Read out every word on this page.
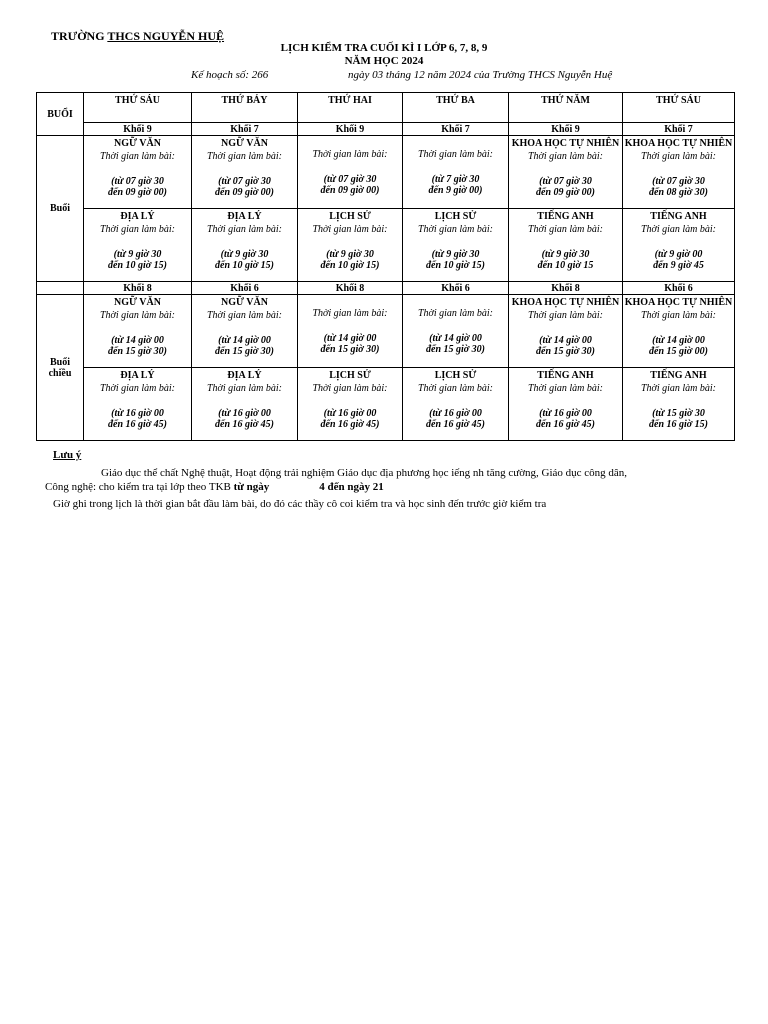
TRƯỜNG THCS NGUYỄN HUỆ
LỊCH KIỂM TRA CUỐI KÌ I LỚP 6, 7, 8, 9
NĂM HỌC 2024
Kế hoạch số: 266	ngày 03 tháng 12 năm 2024 của Trường THCS Nguyễn Huệ
BUỔI	THỨ SÁU	THỨ BẢY	THỨ HAI	THỨ BA	THỨ NĂM	THỨ SÁU
	Khối 9	Khối 7	Khối 9	Khối 7	Khối 9	Khối 7
Buổi	NGỮ VĂN
Thời gian làm bài:
(từ 07 giờ 30
đến 09 giờ 00)	NGỮ VĂN
Thời gian làm bài:
(từ 07 giờ 30
đến 09 giờ 00)	Thời gian làm bài:
(từ 07 giờ 30
đến 09 giờ 00)	Thời gian làm bài:
(từ 7 giờ 30
đến 9 giờ 00)	KHOA HỌC TỰ NHIÊN
Thời gian làm bài:
(từ 07 giờ 30
đến 09 giờ 00)	KHOA HỌC TỰ NHIÊN
Thời gian làm bài:
(từ 07 giờ 30
đến 08 giờ 30)

	ĐỊA LÝ
Thời gian làm bài:
(từ 9 giờ 30
đến 10 giờ 15)	ĐỊA LÝ
Thời gian làm bài:
(từ 9 giờ 30
đến 10 giờ 15)	LỊCH SỬ
Thời gian làm bài:
(từ 9 giờ 30
đến 10 giờ 15)	LỊCH SỬ
Thời gian làm bài:
(từ 9 giờ 30
đến 10 giờ 15)	TIẾNG ANH
Thời gian làm bài:
(từ 9 giờ 30
đến 10 giờ 15	TIẾNG ANH
Thời gian làm bài:
(từ 9 giờ 00
đến 9 giờ 45

	Khối 8	Khối 6	Khối 8	Khối 6	Khối 8	Khối 6
Buổi chiều	NGỮ VĂN
Thời gian làm bài:
(từ 14 giờ 00
đến 15 giờ 30)	NGỮ VĂN
Thời gian làm bài:
(từ 14 giờ 00
đến 15 giờ 30)	Thời gian làm bài:
(từ 14 giờ 00
đến 15 giờ 30)	Thời gian làm bài:
(từ 14 giờ 00
đến 15 giờ 30)	KHOA HỌC TỰ NHIÊN
Thời gian làm bài:
(từ 14 giờ 00
đến 15 giờ 30)	KHOA HỌC TỰ NHIÊN
Thời gian làm bài:
(từ 14 giờ 00
đến 15 giờ 00)

	ĐỊA LÝ
Thời gian làm bài:
(từ 16 giờ 00
đến 16 giờ 45)	ĐỊA LÝ
Thời gian làm bài:
(từ 16 giờ 00
đến 16 giờ 45)	LỊCH SỬ
Thời gian làm bài:
(từ 16 giờ 00
đến 16 giờ 45)	LỊCH SỬ
Thời gian làm bài:
(từ 16 giờ 00
đến 16 giờ 45)	TIẾNG ANH
Thời gian làm bài:
(từ 16 giờ 00
đến 16 giờ 45)	TIẾNG ANH
Thời gian làm bài:
(từ 15 giờ 30
đến 16 giờ 15)
Lưu ý
Giáo dục thể chất Nghệ thuật, Hoạt động trải nghiệm Giáo dục địa phương học iếng nh tăng cường, Giáo dục công dân,
Công nghệ: cho kiểm tra tại lớp theo TKB từ ngày	4 đến ngày 21
Giờ ghi trong lịch là thời gian bắt đầu làm bài, do đó các thầy cô coi kiểm tra và học sinh đến trước giờ kiểm tra
